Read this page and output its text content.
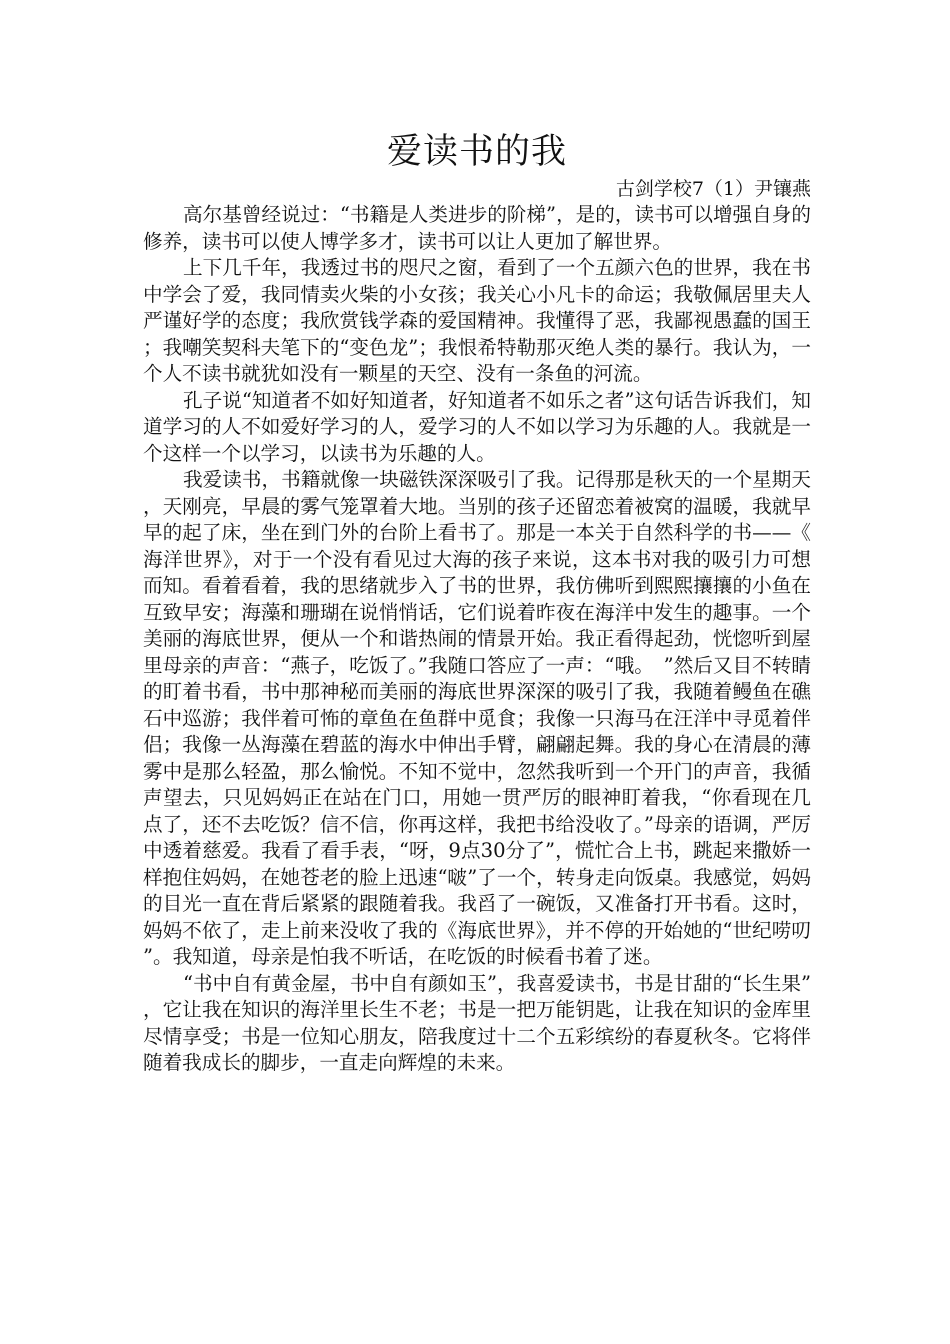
爱读书的我

古剑学校7（1）尹镶燕

高尔基曾经说过：“书籍是人类进步的阶梯”，是的，读书可以增强自身的修养，读书可以使人博学多才，读书可以让人更加了解世界。

上下几千年，我透过书的咫尺之窗，看到了一个五颜六色的世界，我在书中学会了爱，我同情卖火柴的小女孩；我关心小凡卡的命运；我敬佩居里夫人严谨好学的态度；我欣赏钱学森的爱国精神。我懂得了恶，我鄙视愚蠢的国王；我嘲笑契科夫笔下的“变色龙”；我恨希特勒那灭绝人类的暴行。我认为，一个人不读书就犹如没有一颗星的天空、没有一条鱼的河流。

孔子说“知道者不如好知道者，好知道者不如乐之者”这句话告诉我们，知道学习的人不如爱好学习的人，爱学习的人不如以学习为乐趣的人。我就是一个这样一个以学习，以读书为乐趣的人。

我爱读书，书籍就像一块磁铁深深吸引了我。记得那是秋天的一个星期天，天刚亮，早晨的雾气笼罩着大地。当别的孩子还留恋着被窝的温暖，我就早早的起了床，坐在到门外的台阶上看书了。那是一本关于自然科学的书——《海洋世界》，对于一个没有看见过大海的孩子来说，这本书对我的吸引力可想而知。看着看着，我的思绪就步入了书的世界，我仿佛听到熙熙攘攘的小鱼在互致早安；海藻和珊瑚在说悄悄话，它们说着昨夜在海洋中发生的趣事。一个美丽的海底世界，便从一个和谐热闹的情景开始。我正看得起劲，恍惚听到屋里母亲的声音：“燕子，吃饭了。”我随口答应了一声：“哦。　”然后又目不转睛的盯着书看，书中那神秘而美丽的海底世界深深的吸引了我，我随着鳗鱼在礁石中巡游；我伴着可怖的章鱼在鱼群中觅食；我像一只海马在汪洋中寻觅着伴侣；我像一丛海藻在碧蓝的海水中伸出手臂，翩翩起舞。我的身心在清晨的薄雾中是那么轻盈，那么愉悦。不知不觉中，忽然我听到一个开门的声音，我循声望去，只见妈妈正在站在门口，用她一贯严厉的眼神盯着我，“你看现在几点了，还不去吃饭？信不信，你再这样，我把书给没收了。”母亲的语调，严厉中透着慈爱。我看了看手表，“呀，9点30分了”，慌忙合上书，跳起来撒娇一样抱住妈妈，在她苍老的脸上迅速“啵”了一个，转身走向饭桌。我感觉，妈妈的目光一直在背后紧紧的跟随着我。我舀了一碗饭，又准备打开书看。这时，妈妈不依了，走上前来没收了我的《海底世界》，并不停的开始她的“世纪唠叨”。我知道，母亲是怕我不听话，在吃饭的时候看书着了迷。

“书中自有黄金屋，书中自有颜如玉”，我喜爱读书，书是甘甜的“长生果”，它让我在知识的海洋里长生不老；书是一把万能钥匙，让我在知识的金库里尽情享受；书是一位知心朋友，陪我度过十二个五彩缤纷的春夏秋冬。它将伴随着我成长的脚步，一直走向辉煌的未来。
